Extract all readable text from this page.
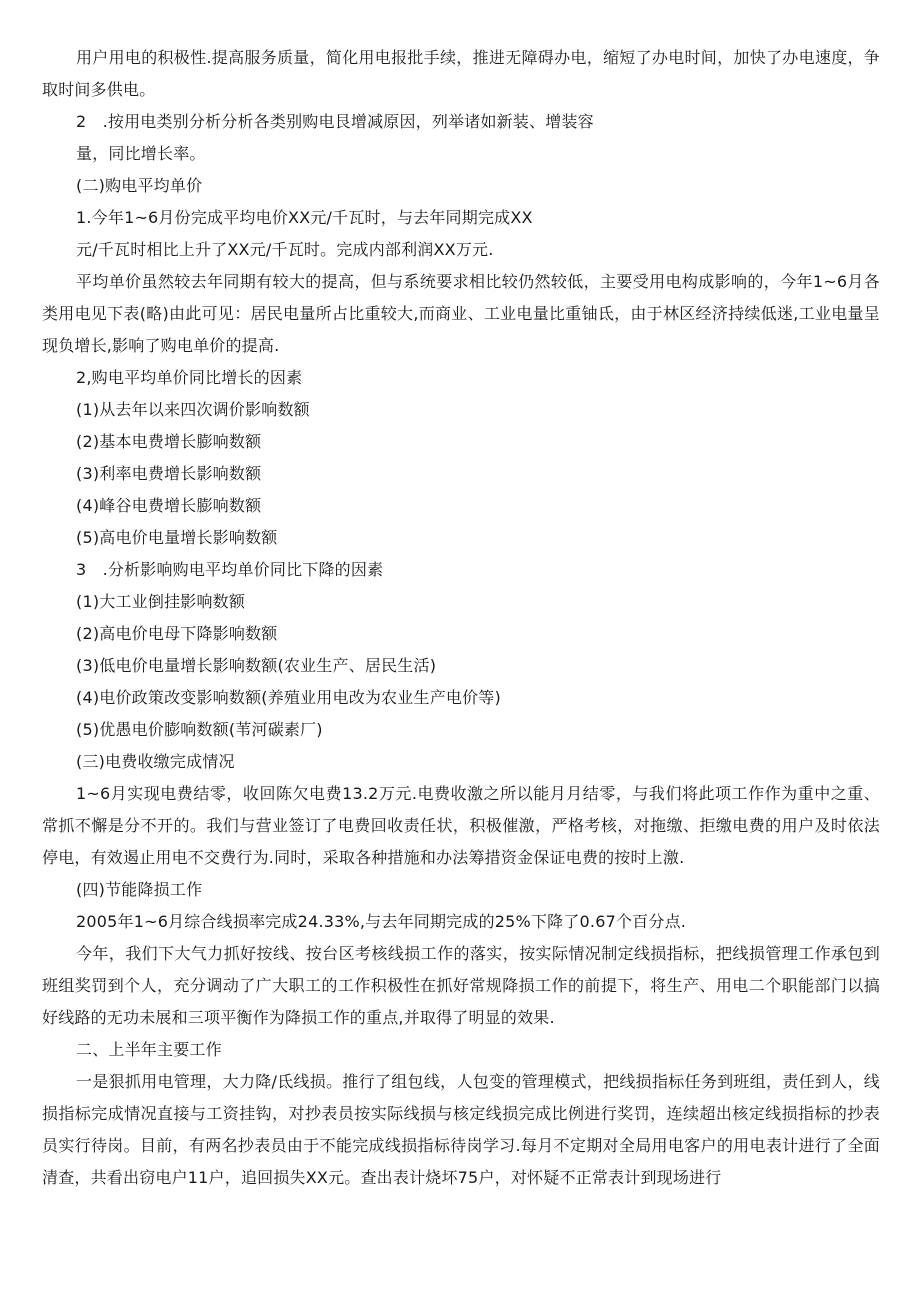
用户用电的积极性.提高服务质量，简化用电报批手续，推进无障碍办电，缩短了办电时间，加快了办电速度，争取时间多供电。

2　.按用电类别分析分析各类别购电艮增减原因，列举诸如新装、增装容

量，同比增长率。

(二)购电平均单价

1.今年1~6月份完成平均电价XX元/千瓦时，与去年同期完成XX

元/千瓦时相比上升了XX元/千瓦时。完成内部利润XX万元.

平均单价虽然较去年同期有较大的提高，但与系统要求相比较仍然较低，主要受用电构成影响的，今年1~6月各类用电见下表(略)由此可见：居民电量所占比重较大,而商业、工业电量比重铀氐，由于林区经济持续低迷,工业电量呈现负增长,影响了购电单价的提高.

2,购电平均单价同比增长的因素

(1)从去年以来四次调价影响数额

(2)基本电费增长膨响数额

(3)利率电费增长影响数额

(4)峰谷电费增长膨响数额

(5)高电价电量增长影响数额

3　.分析影响购电平均单价同比下降的因素

(1)大工业倒挂影响数额

(2)高电价电母下降影响数额

(3)低电价电量增长影响数额(农业生产、居民生活)

(4)电价政策改变影响数额(养殖业用电改为农业生产电价等)

(5)优愚电价膨响数额(苇河碳素厂)

(三)电费收缴完成情况

1~6月实现电费结零，收回陈欠电费13.2万元.电费收激之所以能月月结零，与我们将此项工作作为重中之重、常抓不懈是分不开的。我们与营业签订了电费回收责任状，积极催激，严格考核，对拖缴、拒缴电费的用户及时依法停电，有效遏止用电不交费行为.同时，采取各种措施和办法筹措资金保证电费的按时上激.

(四)节能降损工作

2005年1~6月综合线损率完成24.33%,与去年同期完成的25%下降了0.67个百分点.

今年，我们下大气力抓好按线、按台区考核线损工作的落实，按实际情况制定线损指标，把线损管理工作承包到班组奖罚到个人，充分调动了广大职工的工作积极性在抓好常规降损工作的前提下，将生产、用电二个职能部门以搞好线路的无功未展和三项平衡作为降损工作的重点,并取得了明显的效果.

二、上半年主要工作

一是狠抓用电管理，大力降/氐线损。推行了组包线，人包变的管理模式，把线损指标任务到班组，责任到人，线损指标完成情况直接与工资挂钩，对抄表员按实际线损与核定线损完成比例进行奖罚，连续超出核定线损指标的抄表员实行待岗。目前，有两名抄表员由于不能完成线损指标待岗学习.每月不定期对全局用电客户的用电表计进行了全面清查，共看出窃电户11户，追回损失XX元。查出表计烧坏75户，对怀疑不正常表计到现场进行
